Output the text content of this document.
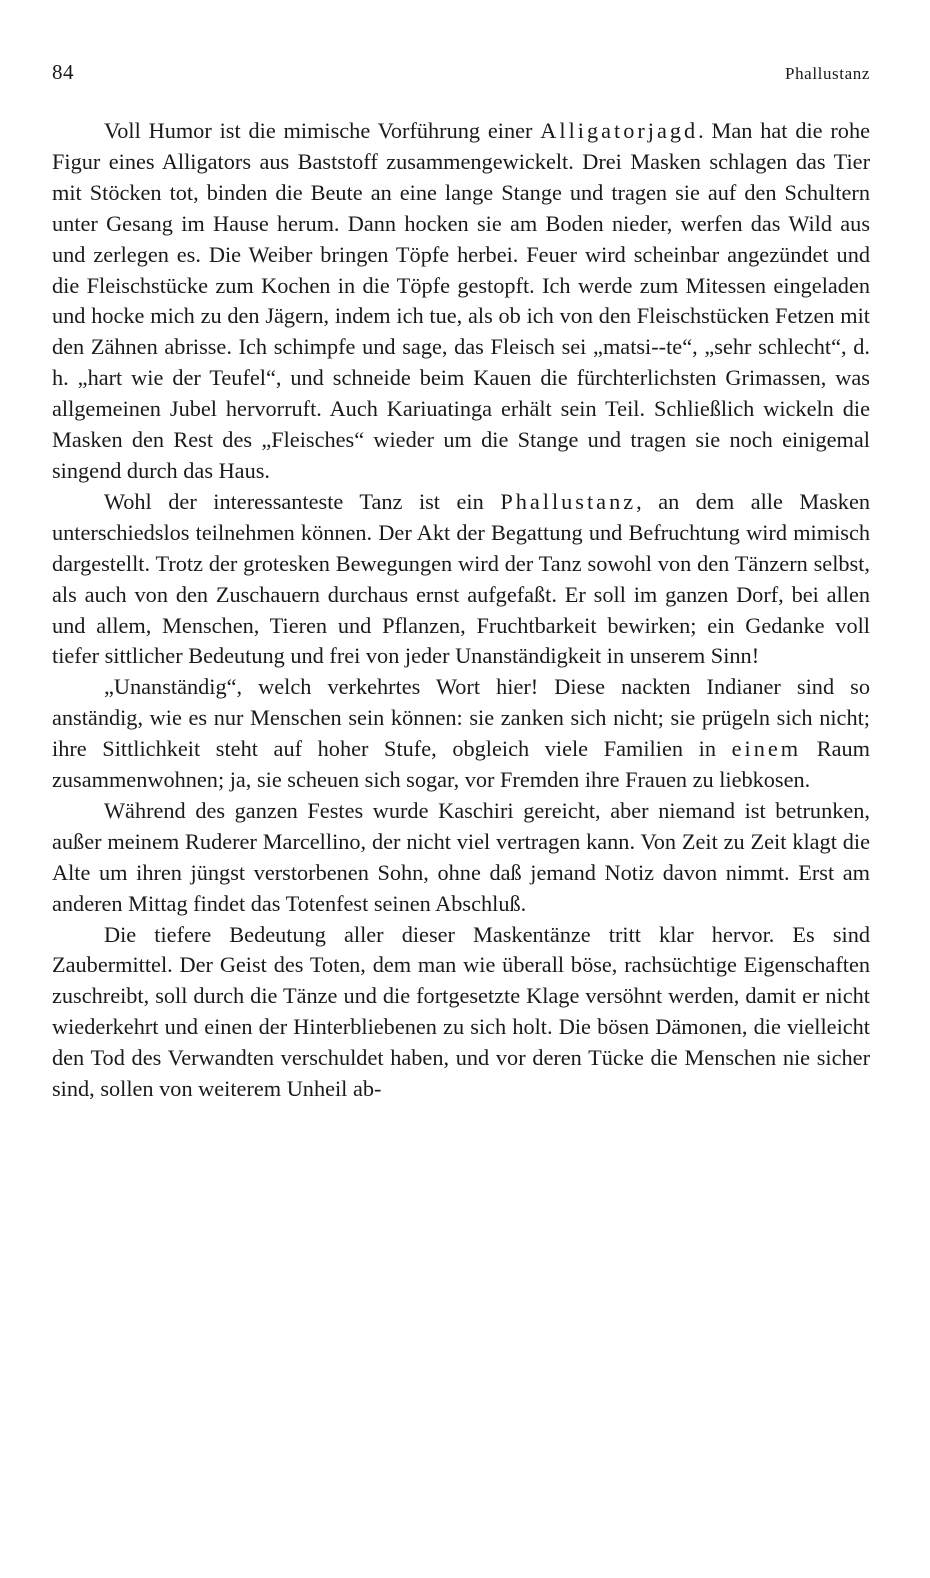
84	Phallustanz

Voll Humor ist die mimische Vorführung einer Alligatorjagd. Man hat die rohe Figur eines Alligators aus Baststoff zusammengewickelt. Drei Masken schlagen das Tier mit Stöcken tot, binden die Beute an eine lange Stange und tragen sie auf den Schultern unter Gesang im Hause herum. Dann hocken sie am Boden nieder, werfen das Wild aus und zerlegen es. Die Weiber bringen Töpfe herbei. Feuer wird scheinbar angezündet und die Fleischstücke zum Kochen in die Töpfe gestopft. Ich werde zum Mitessen eingeladen und hocke mich zu den Jägern, indem ich tue, als ob ich von den Fleischstücken Fetzen mit den Zähnen abrisse. Ich schimpfe und sage, das Fleisch sei „matsi--te“, „sehr schlecht“, d. h. „hart wie der Teufel“, und schneide beim Kauen die fürchterlichsten Grimassen, was allgemeinen Jubel hervorruft. Auch Kariuatinga erhält sein Teil. Schließlich wickeln die Masken den Rest des „Fleisches“ wieder um die Stange und tragen sie noch einigemal singend durch das Haus.

Wohl der interessanteste Tanz ist ein Phallustanz, an dem alle Masken unterschiedslos teilnehmen können. Der Akt der Begattung und Befruchtung wird mimisch dargestellt. Trotz der grotesken Bewegungen wird der Tanz sowohl von den Tänzern selbst, als auch von den Zuschauern durchaus ernst aufgefaßt. Er soll im ganzen Dorf, bei allen und allem, Menschen, Tieren und Pflanzen, Fruchtbarkeit bewirken; ein Gedanke voll tiefer sittlicher Bedeutung und frei von jeder Unanständigkeit in unserem Sinn!

„Unanständig“, welch verkehrtes Wort hier! Diese nackten Indianer sind so anständig, wie es nur Menschen sein können: sie zanken sich nicht; sie prügeln sich nicht; ihre Sittlichkeit steht auf hoher Stufe, obgleich viele Familien in einem Raum zusammenwohnen; ja, sie scheuen sich sogar, vor Fremden ihre Frauen zu liebkosen.

Während des ganzen Festes wurde Kaschiri gereicht, aber niemand ist betrunken, außer meinem Ruderer Marcellino, der nicht viel vertragen kann. Von Zeit zu Zeit klagt die Alte um ihren jüngst verstorbenen Sohn, ohne daß jemand Notiz davon nimmt. Erst am anderen Mittag findet das Totenfest seinen Abschluß.

Die tiefere Bedeutung aller dieser Maskentänze tritt klar hervor. Es sind Zaubermittel. Der Geist des Toten, dem man wie überall böse, rachsüchtige Eigenschaften zuschreibt, soll durch die Tänze und die fortgesetzte Klage versöhnt werden, damit er nicht wiederkehrt und einen der Hinterbliebenen zu sich holt. Die bösen Dämonen, die vielleicht den Tod des Verwandten verschuldet haben, und vor deren Tücke die Menschen nie sicher sind, sollen von weiterem Unheil ab-
